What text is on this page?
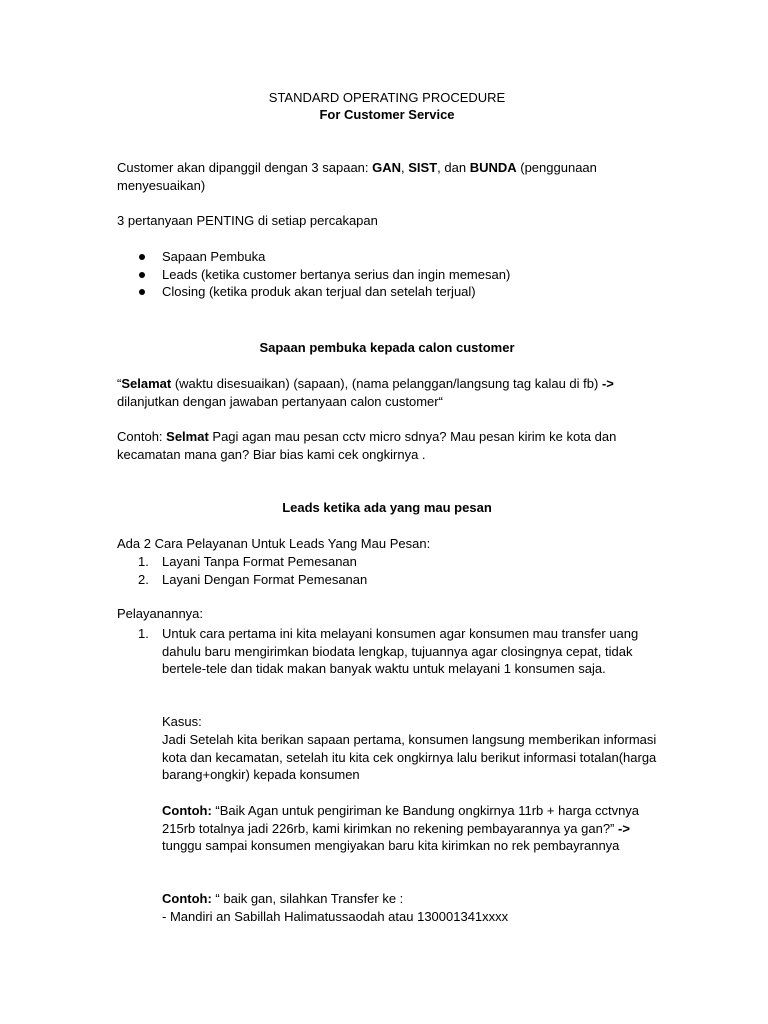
STANDARD OPERATING PROCEDURE

For Customer Service

Customer akan dipanggil dengan 3 sapaan: GAN, SIST, dan BUNDA (penggunaan menyesuaikan)

3 pertanyaan PENTING di setiap percakapan

Sapaan Pembuka
Leads (ketika customer bertanya serius dan ingin memesan)
Closing (ketika produk akan terjual dan setelah terjual)

Sapaan pembuka kepada calon customer

“Selamat (waktu disesuaikan) (sapaan), (nama pelanggan/langsung tag kalau di fb) -> dilanjutkan dengan jawaban pertanyaan calon customer“

Contoh: Selmat Pagi agan mau pesan cctv micro sdnya? Mau pesan kirim ke kota dan kecamatan mana gan? Biar bias kami cek ongkirnya .

Leads ketika ada yang mau pesan

Ada 2 Cara Pelayanan Untuk Leads Yang Mau Pesan:

1. Layani Tanpa Format Pemesanan
2. Layani Dengan Format Pemesanan

Pelayanannya:

1.	Untuk cara pertama ini kita melayani konsumen agar konsumen mau transfer uang dahulu baru mengirimkan biodata lengkap, tujuannya agar closingnya cepat, tidak bertele-tele dan tidak makan banyak waktu untuk melayani 1 konsumen saja.

Kasus:

Jadi Setelah kita berikan sapaan pertama, konsumen langsung memberikan informasi kota dan kecamatan, setelah itu kita cek ongkirnya lalu berikut informasi totalan(harga barang+ongkir) kepada konsumen

Contoh: “Baik Agan untuk pengiriman ke Bandung ongkirnya 11rb + harga cctvnya 215rb totalnya jadi 226rb, kami kirimkan no rekening pembayarannya ya gan?” -> tunggu sampai konsumen mengiyakan baru kita kirimkan no rek pembayrannya

Contoh: “ baik gan, silahkan Transfer ke :

- Mandiri an Sabillah Halimatussaodah atau 130001341xxxx
